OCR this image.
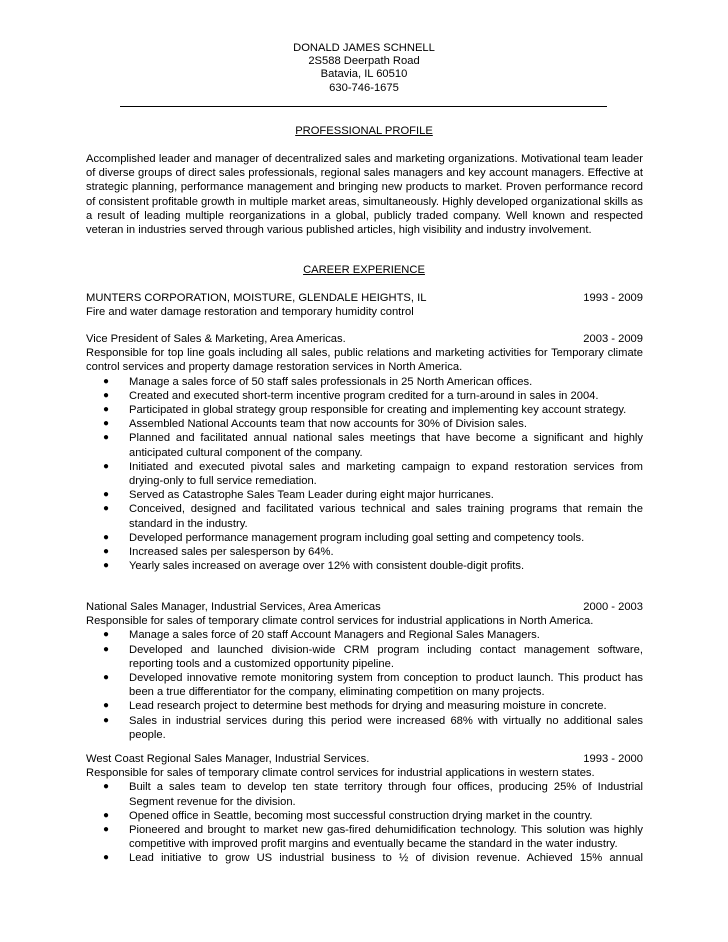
DONALD JAMES SCHNELL
2S588 Deerpath Road
Batavia, IL 60510
630-746-1675
PROFESSIONAL PROFILE
Accomplished leader and manager of decentralized sales and marketing organizations. Motivational team leader of diverse groups of direct sales professionals, regional sales managers and key account managers. Effective at strategic planning, performance management and bringing new products to market. Proven performance record of consistent profitable growth in multiple market areas, simultaneously. Highly developed organizational skills as a result of leading multiple reorganizations in a global, publicly traded company. Well known and respected veteran in industries served through various published articles, high visibility and industry involvement.
CAREER EXPERIENCE
MUNTERS CORPORATION, MOISTURE, GLENDALE HEIGHTS, IL	1993 - 2009
Fire and water damage restoration and temporary humidity control
Vice President of Sales & Marketing, Area Americas.	2003 - 2009
Responsible for top line goals including all sales, public relations and marketing activities for Temporary climate control services and property damage restoration services in North America.
● Manage a sales force of 50 staff sales professionals in 25 North American offices.
● Created and executed short-term incentive program credited for a turn-around in sales in 2004.
● Participated in global strategy group responsible for creating and implementing key account strategy.
● Assembled National Accounts team that now accounts for 30% of Division sales.
● Planned and facilitated annual national sales meetings that have become a significant and highly anticipated cultural component of the company.
● Initiated and executed pivotal sales and marketing campaign to expand restoration services from drying-only to full service remediation.
● Served as Catastrophe Sales Team Leader during eight major hurricanes.
● Conceived, designed and facilitated various technical and sales training programs that remain the standard in the industry.
● Developed performance management program including goal setting and competency tools.
● Increased sales per salesperson by 64%.
● Yearly sales increased on average over 12% with consistent double-digit profits.
National Sales Manager, Industrial Services, Area Americas	2000 - 2003
Responsible for sales of temporary climate control services for industrial applications in North America.
● Manage a sales force of 20 staff Account Managers and Regional Sales Managers.
● Developed and launched division-wide CRM program including contact management software, reporting tools and a customized opportunity pipeline.
● Developed innovative remote monitoring system from conception to product launch. This product has been a true differentiator for the company, eliminating competition on many projects.
● Lead research project to determine best methods for drying and measuring moisture in concrete.
● Sales in industrial services during this period were increased 68% with virtually no additional sales people.
West Coast Regional Sales Manager, Industrial Services.	1993 - 2000
Responsible for sales of temporary climate control services for industrial applications in western states.
● Built a sales team to develop ten state territory through four offices, producing 25% of Industrial Segment revenue for the division.
● Opened office in Seattle, becoming most successful construction drying market in the country.
● Pioneered and brought to market new gas-fired dehumidification technology. This solution was highly competitive with improved profit margins and eventually became the standard in the water industry.
● Lead initiative to grow US industrial business to ½ of division revenue. Achieved 15% annual
